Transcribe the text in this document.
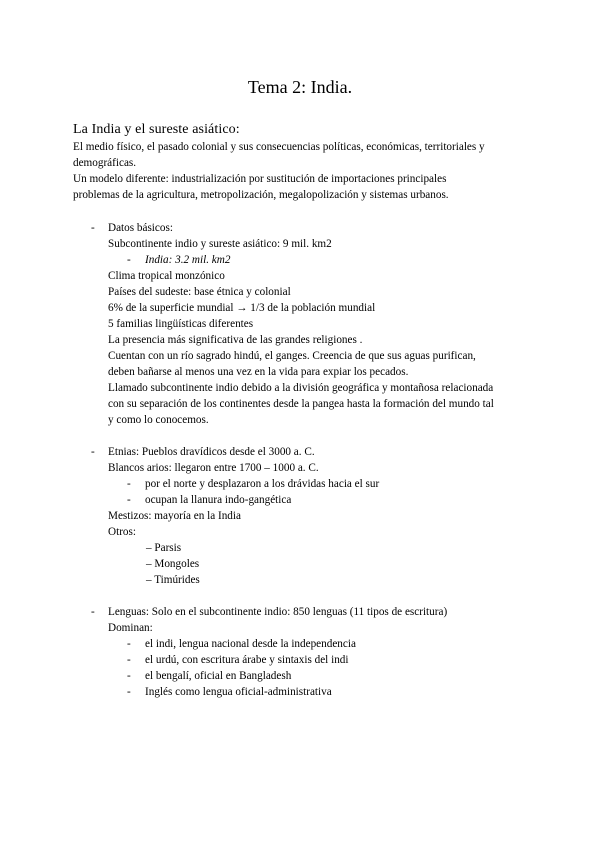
Tema 2: India.
La India y el sureste asiático:
El medio físico, el pasado colonial y sus consecuencias políticas, económicas, territoriales y
demográficas.
Un modelo diferente: industrialización por sustitución de importaciones principales
problemas de la agricultura, metropolización, megalopolización y sistemas urbanos.
- Datos básicos:
Subcontinente indio y sureste asiático: 9 mil. km2
- India: 3.2 mil. km2
Clima tropical monzónico
Países del sudeste: base étnica y colonial
6% de la superficie mundial → 1/3 de la población mundial
5 familias lingüísticas diferentes
La presencia más significativa de las grandes religiones .
Cuentan con un río sagrado hindú, el ganges. Creencia de que sus aguas purifican,
deben bañarse al menos una vez en la vida para expiar los pecados.
Llamado subcontinente indio debido a la división geográfica y montañosa relacionada
con su separación de los continentes desde la pangea hasta la formación del mundo tal
y como lo conocemos.
- Etnias: Pueblos dravídicos desde el 3000 a. C.
Blancos arios: llegaron entre 1700 – 1000 a. C.
- por el norte y desplazaron a los drávidas hacia el sur
- ocupan la llanura indo-gangética
Mestizos: mayoría en la India
Otros:
– Parsis
– Mongoles
– Timúrides
- Lenguas: Solo en el subcontinente indio: 850 lenguas (11 tipos de escritura)
Dominan:
- el indi, lengua nacional desde la independencia
- el urdú, con escritura árabe y sintaxis del indi
- el bengalí, oficial en Bangladesh
- Inglés como lengua oficial-administrativa
